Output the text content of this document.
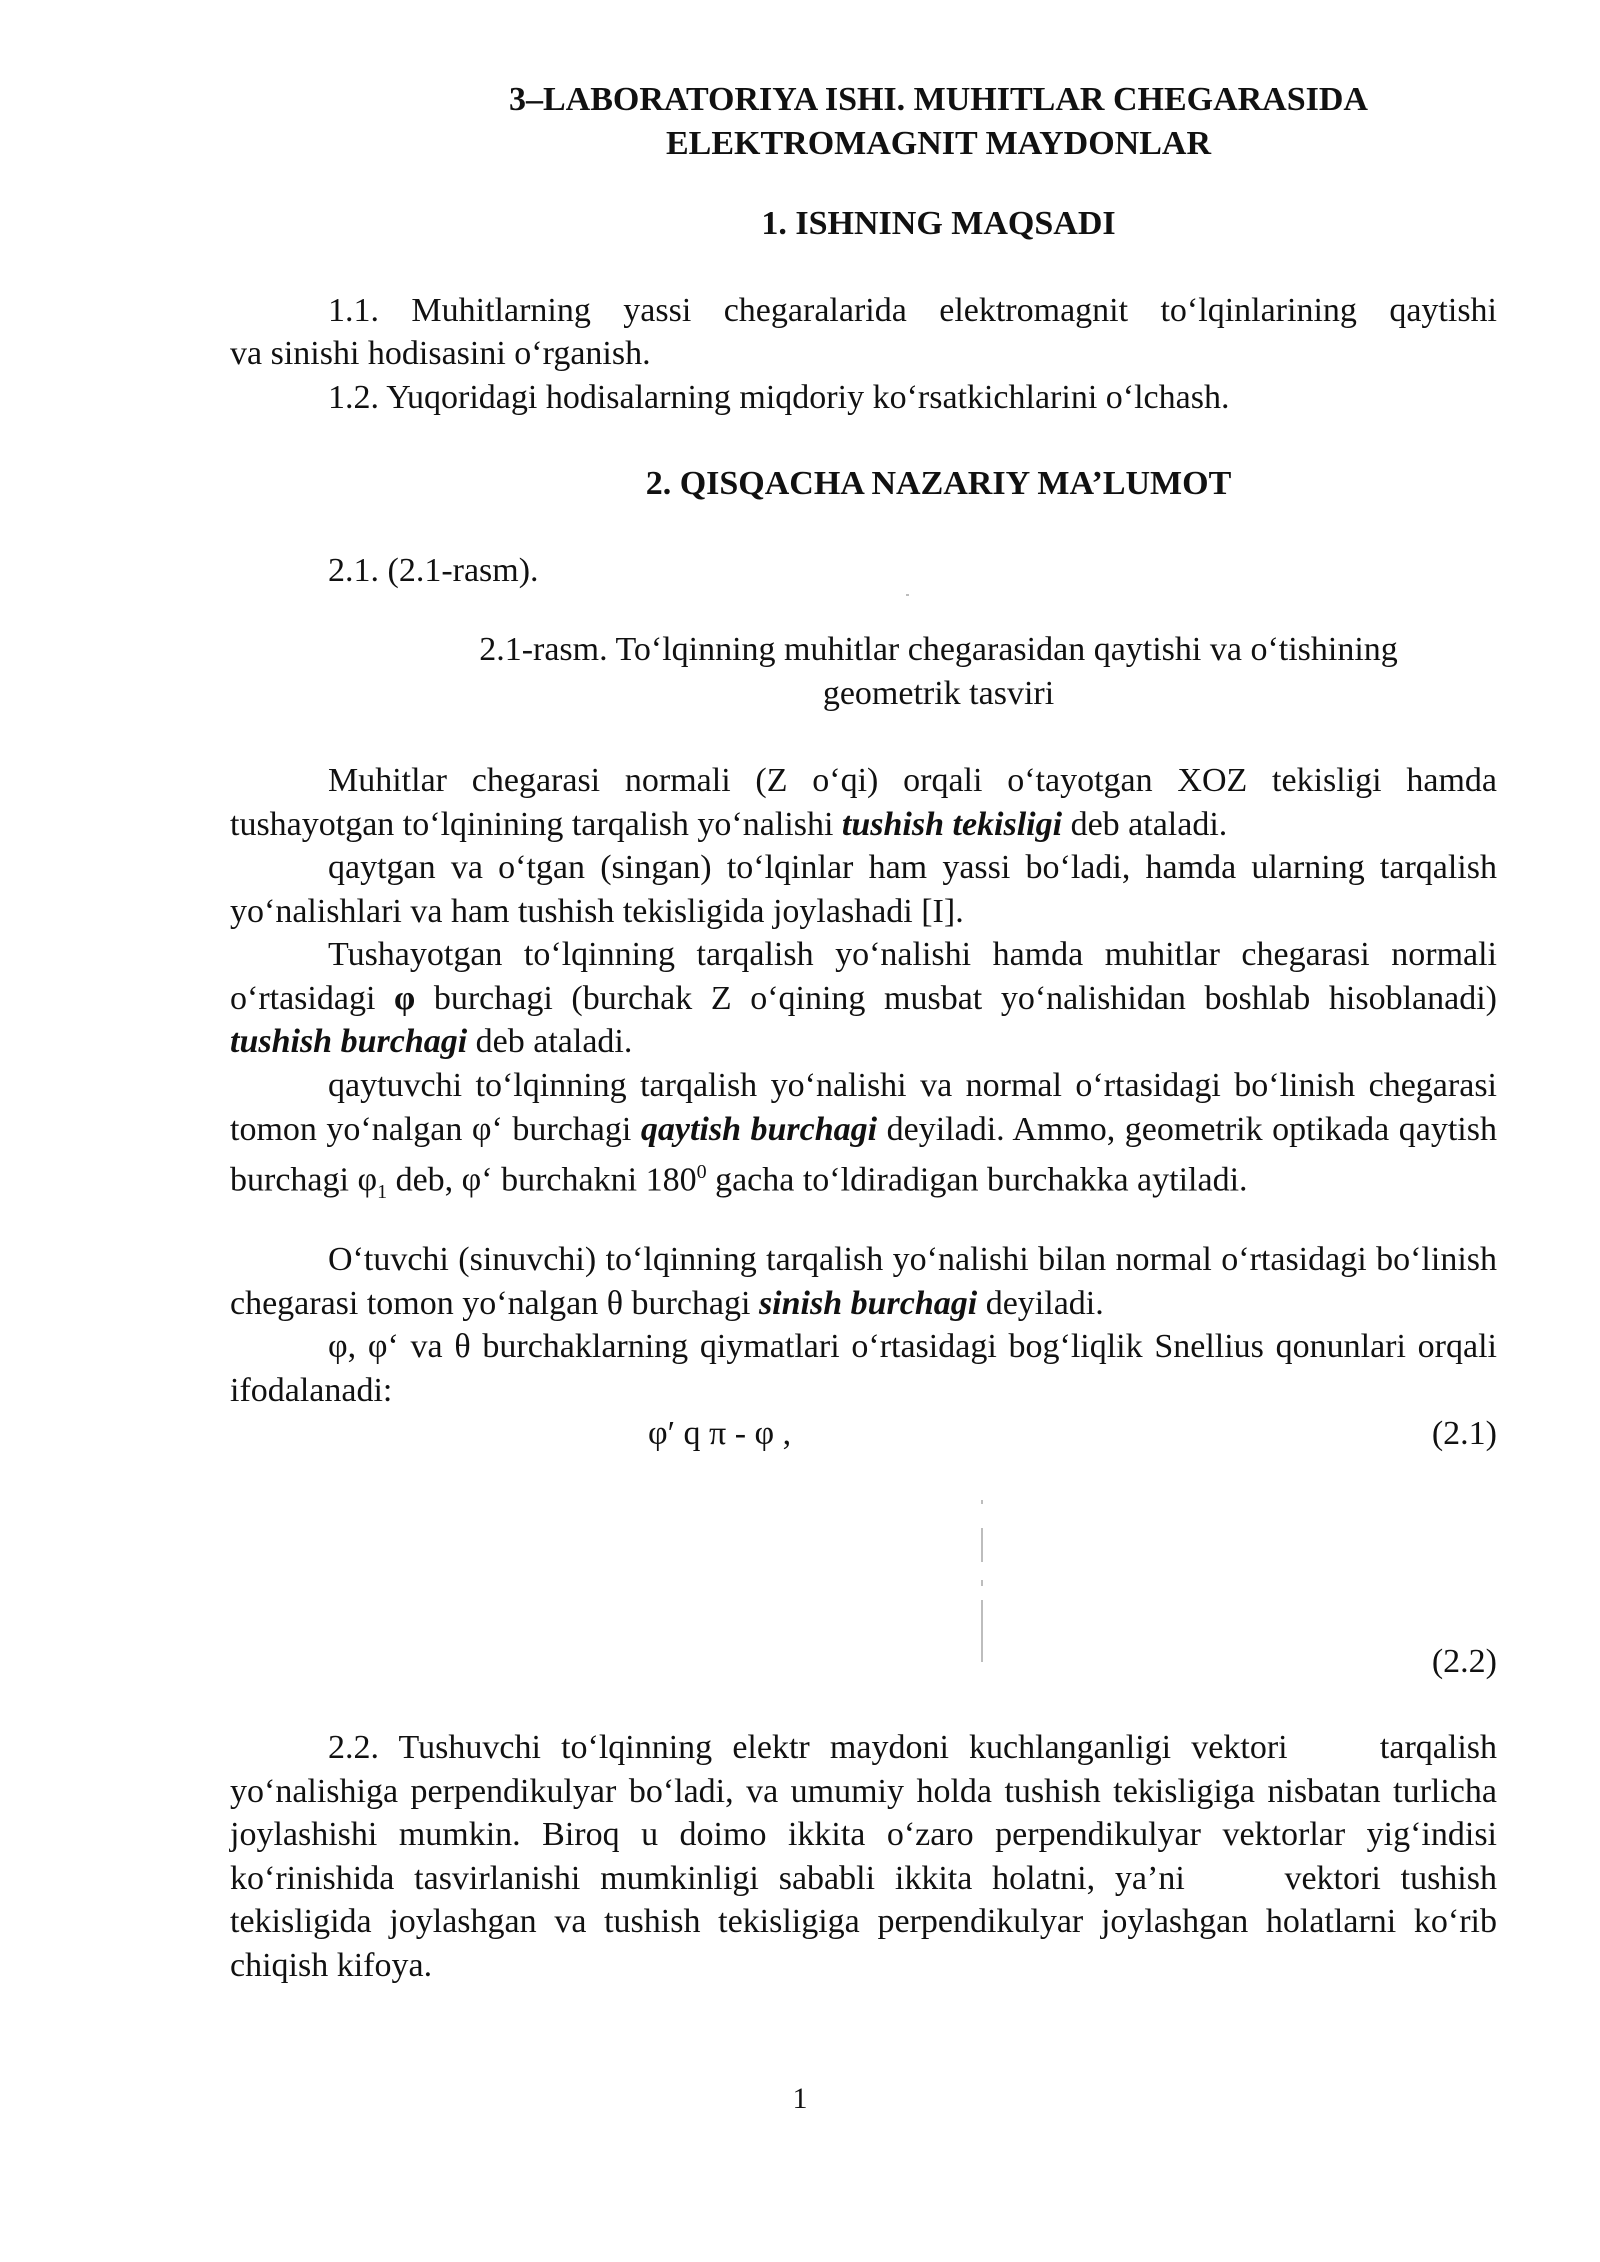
3–LABORATORIYA ISHI. MUHITLAR CHEGARASIDA
ELEKTROMAGNIT MAYDONLAR
1. ISHNING MAQSADI
1.1. Muhitlarning yassi chegaralarida elektromagnit to‘lqinlarining qaytishi
va sinishi hodisasini o‘rganish.
1.2. Yuqoridagi hodisalarning miqdoriy ko‘rsatkichlarini o‘lchash.
2. QISQACHA NAZARIY MA’LUMOT
2.1. (2.1-rasm).
2.1-rasm. To‘lqinning muhitlar chegarasidan qaytishi va o‘tishining
geometrik tasviri
Muhitlar chegarasi normali (Z o‘qi) orqali o‘tayotgan XOZ tekisligi hamda tushayotgan to‘lqinining tarqalish yo‘nalishi tushish tekisligi deb ataladi.
qaytgan va o‘tgan (singan) to‘lqinlar ham yassi bo‘ladi, hamda ularning tarqalish yo‘nalishlari va ham tushish tekisligida joylashadi [I].
Tushayotgan to‘lqinning tarqalish yo‘nalishi hamda muhitlar chegarasi normali o‘rtasidagi φ burchagi (burchak Z o‘qining musbat yo‘nalishidan boshlab hisoblanadi) tushish burchagi deb ataladi.
qaytuvchi to‘lqinning tarqalish yo‘nalishi va normal o‘rtasidagi bo‘linish chegarasi tomon yo‘nalgan φ‘ burchagi qaytish burchagi deyiladi. Ammo, geometrik optikada qaytish burchagi $\varphi_1$ deb, φ‘ burchakni $180^0$ gacha to‘ldiradigan burchakka aytiladi.
O‘tuvchi (sinuvchi) to‘lqinning tarqalish yo‘nalishi bilan normal o‘rtasidagi bo‘linish chegarasi tomon yo‘nalgan θ burchagi sinish burchagi deyiladi.
φ, φ‘ va θ burchaklarning qiymatlari o‘rtasidagi bog‘liqlik Snellius qonunlari orqali ifodalanadi:
φ′ q π - φ ,	(2.1)
(2.2)
2.2. Tushuvchi to‘lqinning elektr maydoni kuchlanganligi vektori  tarqalish yo‘nalishiga perpendikulyar bo‘ladi, va umumiy holda tushish tekisligiga nisbatan turlicha joylashishi mumkin. Biroq u doimo ikkita o‘zaro perpendikulyar vektorlar yig‘indisi ko‘rinishida tasvirlanishi mumkinligi sababli ikkita holatni, ya’ni  vektori tushish tekisligida joylashgan va tushish tekisligiga perpendikulyar joylashgan holatlarni ko‘rib chiqish kifoya.
1
